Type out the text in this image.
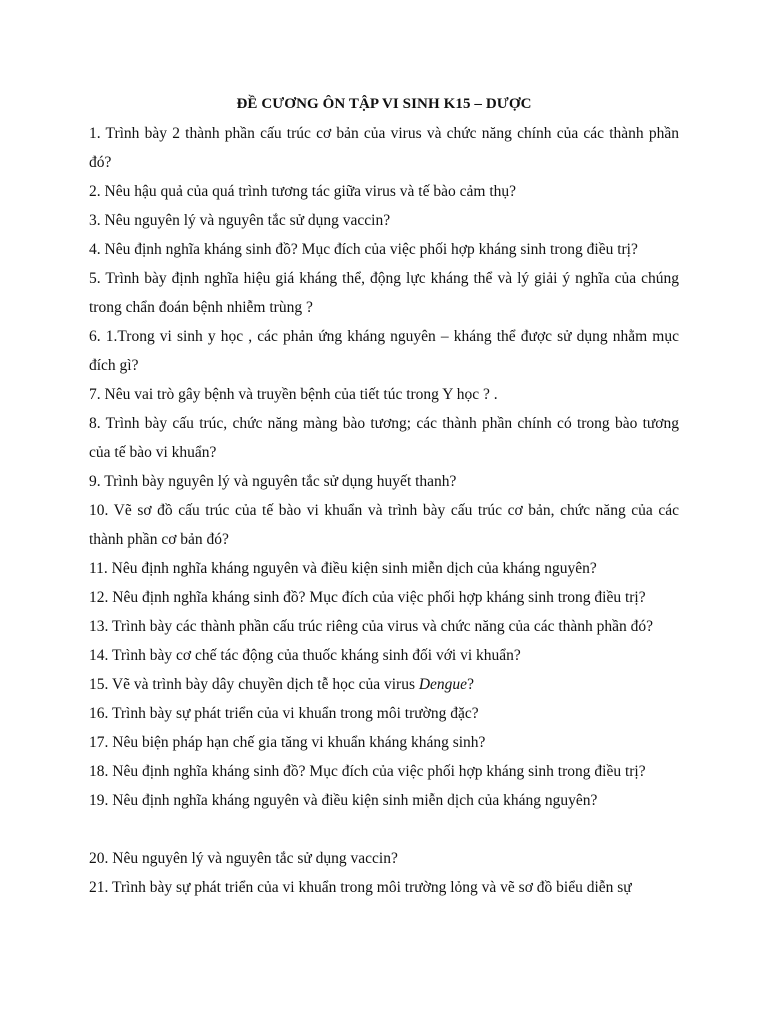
ĐỀ CƯƠNG ÔN TẬP VI SINH K15 – DƯỢC
1. Trình bày 2 thành phần cấu trúc cơ bản của virus và chức năng chính của các thành phần đó?
2. Nêu hậu quả của quá trình tương tác giữa virus và tế bào cảm thụ?
3. Nêu nguyên lý và nguyên tắc sử dụng vaccin?
4. Nêu định nghĩa kháng sinh đồ? Mục đích của việc phối hợp kháng sinh trong điều trị?
5. Trình bày định nghĩa hiệu giá kháng thể, động lực kháng thể và lý giải ý nghĩa của chúng trong chẩn đoán bệnh nhiễm trùng ?
6. 1.Trong vi sinh y học , các phản ứng kháng nguyên – kháng thể được sử dụng nhằm mục đích gì?
7. Nêu vai trò gây bệnh và truyền bệnh của tiết túc trong Y học ? .
8. Trình bày cấu trúc, chức năng màng bào tương; các thành phần chính có trong bào tương của tế bào vi khuẩn?
9. Trình bày nguyên lý và nguyên tắc sử dụng huyết thanh?
10. Vẽ sơ đồ cấu trúc của tế bào vi khuẩn và trình bày cấu trúc cơ bản, chức năng của các thành phần cơ bản đó?
11. Nêu định nghĩa kháng nguyên và điều kiện sinh miễn dịch của kháng nguyên?
12. Nêu định nghĩa kháng sinh đồ? Mục đích của việc phối hợp kháng sinh trong điều trị?
13. Trình bày các thành phần cấu trúc riêng của virus và chức năng của các thành phần đó?
14. Trình bày cơ chế tác động của thuốc kháng sinh đối với vi khuẩn?
15. Vẽ và trình bày dây chuyền dịch tễ học của virus Dengue?
16. Trình bày sự phát triển của vi khuẩn trong môi trường đặc?
17. Nêu biện pháp hạn chế gia tăng vi khuẩn kháng kháng sinh?
18. Nêu định nghĩa kháng sinh đồ? Mục đích của việc phối hợp kháng sinh trong điều trị?
19. Nêu định nghĩa kháng nguyên và điều kiện sinh miễn dịch của kháng nguyên?
20. Nêu nguyên lý và nguyên tắc sử dụng vaccin?
21. Trình bày sự phát triển của vi khuẩn trong môi trường lỏng và vẽ sơ đồ biểu diễn sự
